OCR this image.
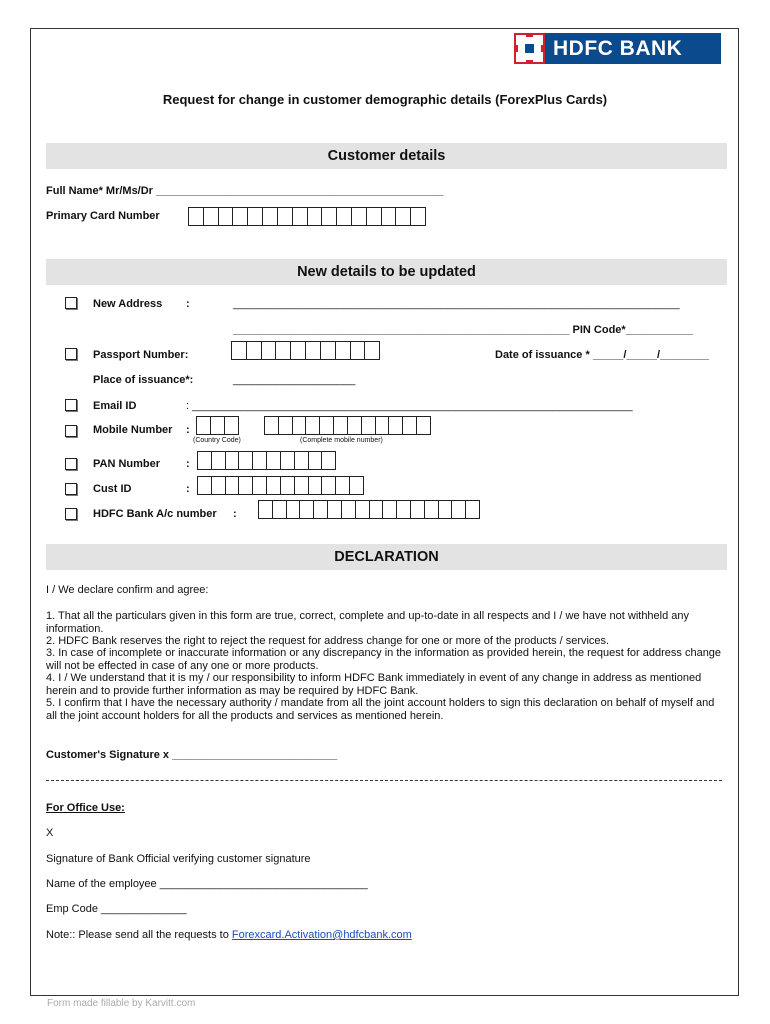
HDFC BANK
Request for change in customer demographic details (ForexPlus Cards)
Customer details
Full Name* Mr/Ms/Dr _______________________________________________
Primary Card Number
New details to be updated
New Address :	_________________________________________________________________________
_______________________________________________________ PIN Code*___________
Passport Number:	Date of issuance * _____/_____/________
Place of issuance*:	____________________
Email ID	: ________________________________________________________________________
Mobile Number :
(Country Code)	(Complete mobile number)
PAN Number :
Cust ID	:
HDFC Bank A/c number :
DECLARATION
I / We declare confirm and agree:
1. That all the particulars given in this form are true, correct, complete and up-to-date in all respects and I / we have not withheld any information.
2. HDFC Bank reserves the right to reject the request for address change for one or more of the products / services.
3. In case of incomplete or inaccurate information or any discrepancy in the information as provided herein, the request for address change will not be effected in case of any one or more products.
4. I / We understand that it is my / our responsibility to inform HDFC Bank immediately in event of any change in address as mentioned herein and to provide further information as may be required by HDFC Bank.
5. I confirm that I have the necessary authority / mandate from all the joint account holders to sign this declaration on behalf of myself and all the joint account holders for all the products and services as mentioned herein.
Customer's Signature x ___________________________
For Office Use:
X
Signature of Bank Official verifying customer signature
Name of the employee __________________________________
Emp Code ______________
Note:: Please send all the requests to Forexcard.Activation@hdfcbank.com
Form made fillable by Karvitt.com
